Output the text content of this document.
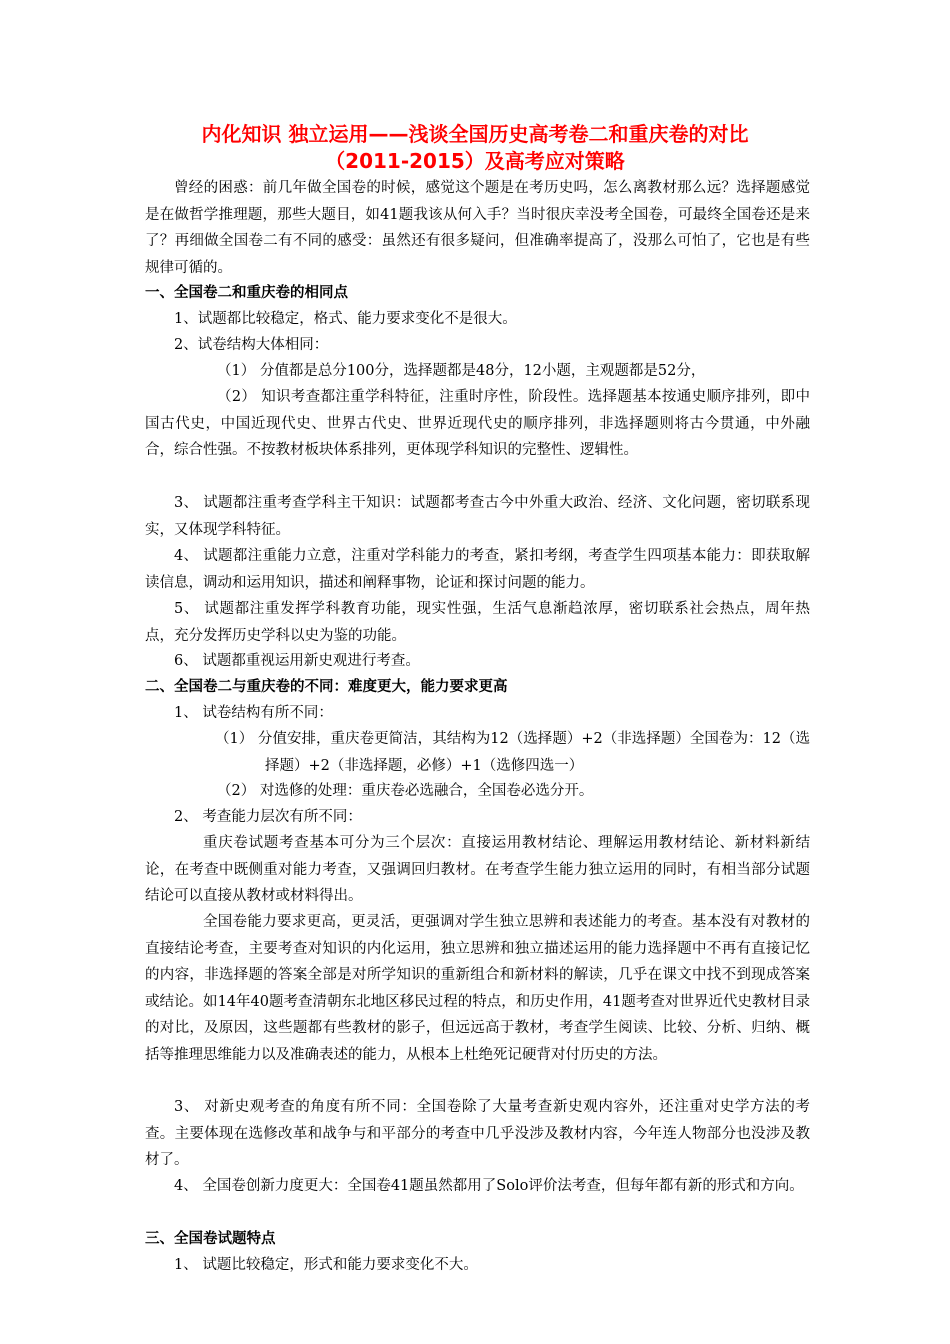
内化知识 独立运用——浅谈全国历史高考卷二和重庆卷的对比
（2011-2015）及高考应对策略
曾经的困惑：前几年做全国卷的时候，感觉这个题是在考历史吗，怎么离教材那么远？选择题感觉是在做哲学推理题，那些大题目，如41题我该从何入手？当时很庆幸没考全国卷，可最终全国卷还是来了？再细做全国卷二有不同的感受：虽然还有很多疑问，但准确率提高了，没那么可怕了，它也是有些规律可循的。
一、全国卷二和重庆卷的相同点
1、试题都比较稳定，格式、能力要求变化不是很大。
2、试卷结构大体相同：
（1） 分值都是总分100分，选择题都是48分，12小题，主观题都是52分，
（2） 知识考查都注重学科特征，注重时序性，阶段性。选择题基本按通史顺序排列，即中国古代史，中国近现代史、世界古代史、世界近现代史的顺序排列，非选择题则将古今贯通，中外融合，综合性强。不按教材板块体系排列，更体现学科知识的完整性、逻辑性。
3、 试题都注重考查学科主干知识：试题都考查古今中外重大政治、经济、文化问题，密切联系现实，又体现学科特征。
4、 试题都注重能力立意，注重对学科能力的考查，紧扣考纲，考查学生四项基本能力：即获取解读信息，调动和运用知识，描述和阐释事物，论证和探讨问题的能力。
5、 试题都注重发挥学科教育功能，现实性强，生活气息渐趋浓厚，密切联系社会热点，周年热点，充分发挥历史学科以史为鉴的功能。
6、 试题都重视运用新史观进行考查。
二、全国卷二与重庆卷的不同：难度更大，能力要求更高
1、 试卷结构有所不同：
（1） 分值安排，重庆卷更简洁，其结构为12（选择题）+2（非选择题）全国卷为：12（选择题）+2（非选择题，必修）+1（选修四选一）
（2） 对选修的处理：重庆卷必选融合，全国卷必选分开。
2、 考查能力层次有所不同：
重庆卷试题考查基本可分为三个层次：直接运用教材结论、理解运用教材结论、新材料新结论，在考查中既侧重对能力考查，又强调回归教材。在考查学生能力独立运用的同时，有相当部分试题结论可以直接从教材或材料得出。
全国卷能力要求更高，更灵活，更强调对学生独立思辨和表述能力的考查。基本没有对教材的直接结论考查，主要考查对知识的内化运用，独立思辨和独立描述运用的能力选择题中不再有直接记忆的内容，非选择题的答案全部是对所学知识的重新组合和新材料的解读，几乎在课文中找不到现成答案或结论。如14年40题考查清朝东北地区移民过程的特点，和历史作用，41题考查对世界近代史教材目录的对比，及原因，这些题都有些教材的影子，但远远高于教材，考查学生阅读、比较、分析、归纳、概括等推理思维能力以及准确表述的能力，从根本上杜绝死记硬背对付历史的方法。
3、 对新史观考查的角度有所不同：全国卷除了大量考查新史观内容外，还注重对史学方法的考查。主要体现在选修改革和战争与和平部分的考查中几乎没涉及教材内容，今年连人物部分也没涉及教材了。
4、 全国卷创新力度更大：全国卷41题虽然都用了Solo评价法考查，但每年都有新的形式和方向。
三、全国卷试题特点
1、 试题比较稳定，形式和能力要求变化不大。
